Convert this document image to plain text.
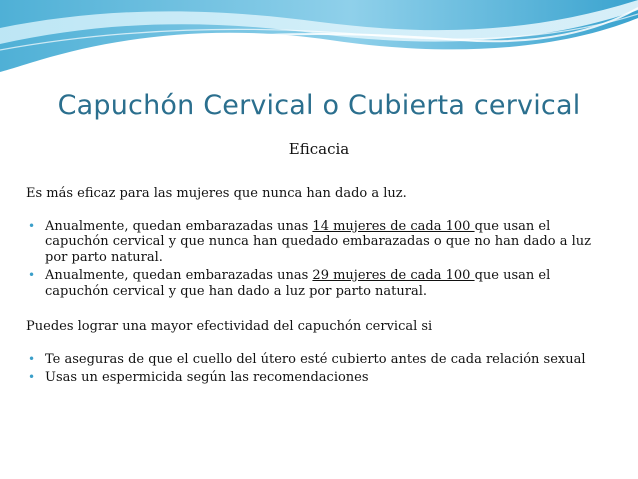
Capuchón Cervical o Cubierta cervical
Eficacia

Es más eficaz para las mujeres que nunca han dado a luz.

• Anualmente, quedan embarazadas unas 14 mujeres de cada 100 que usan el capuchón cervical y que nunca han quedado embarazadas o que no han dado a luz por parto natural.
• Anualmente, quedan embarazadas unas 29 mujeres de cada 100 que usan el capuchón cervical y que han dado a luz por parto natural.

Puedes lograr una mayor efectividad del capuchón cervical si

• Te aseguras de que el cuello del útero esté cubierto antes de cada relación sexual
• Usas un espermicida según las recomendaciones
